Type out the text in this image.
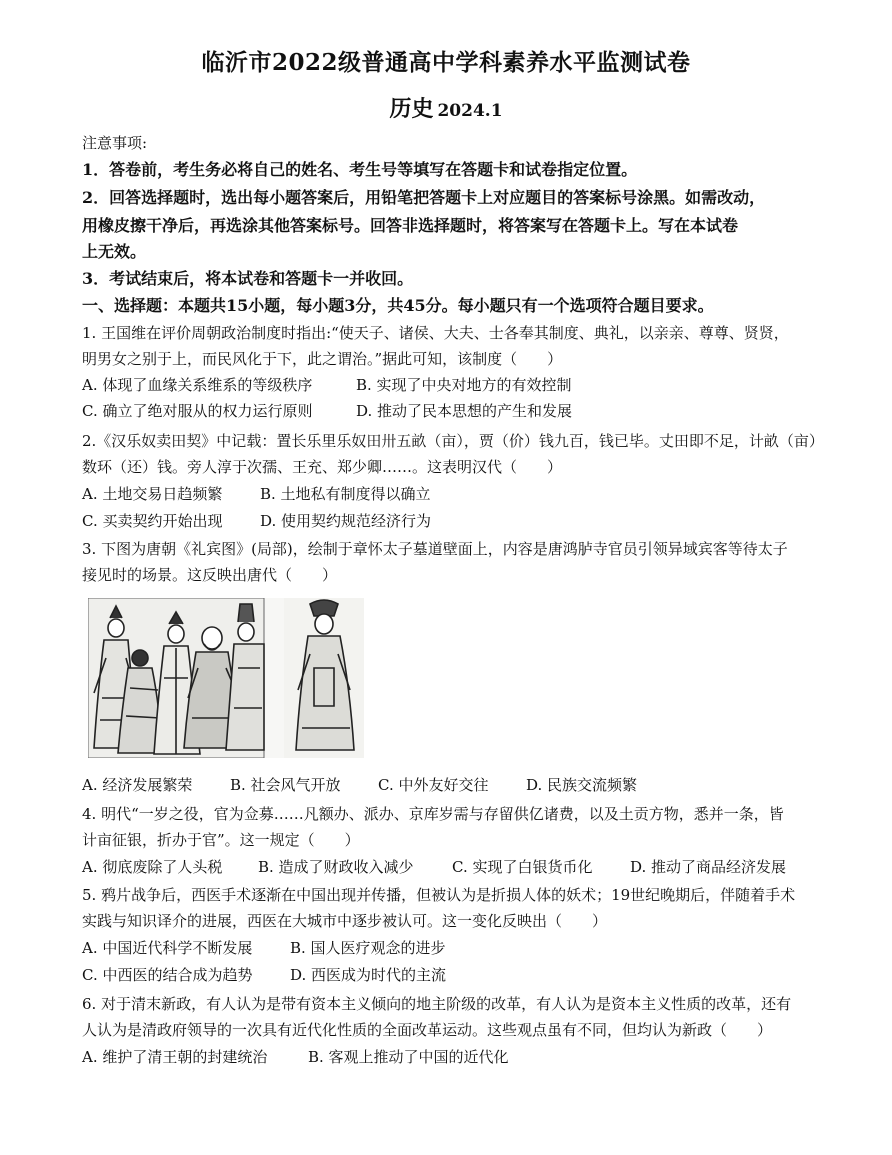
临沂市2022级普通高中学科素养水平监测试卷
历史 2024.1
注意事项:
1．答卷前，考生务必将自己的姓名、考生号等填写在答题卡和试卷指定位置。
2．回答选择题时，选出每小题答案后，用铅笔把答题卡上对应题目的答案标号涂黑。如需改动，
用橡皮擦干净后，再选涂其他答案标号。回答非选择题时，将答案写在答题卡上。写在本试卷
上无效。
3．考试结束后，将本试卷和答题卡一并收回。
一、选择题：本题共15小题，每小题3分，共45分。每小题只有一个选项符合题目要求。
1. 王国维在评价周朝政治制度时指出:“使天子、诸侯、大夫、士各奉其制度、典礼，以亲亲、尊尊、贤贤，
明男女之别于上，而民风化于下，此之谓治。”据此可知，该制度（　　）
A. 体现了血缘关系维系的等级秩序	B. 实现了中央对地方的有效控制
C. 确立了绝对服从的权力运行原则	D. 推动了民本思想的产生和发展
2.《汉乐奴卖田契》中记载：置长乐里乐奴田卅五畝（亩），贾（价）钱九百，钱已毕。丈田即不足，计畝（亩）
数环（还）钱。旁人淳于次孺、王充、郑少卿……。这表明汉代（　　）
A. 土地交易日趋频繁	B. 土地私有制度得以确立
C. 买卖契约开始出现	D. 使用契约规范经济行为
3. 下图为唐朝《礼宾图》(局部)，绘制于章怀太子墓道壁面上，内容是唐鸿胪寺官员引领异域宾客等待太子
接见时的场景。这反映出唐代（　　）
A. 经济发展繁荣	B. 社会风气开放 C. 中外友好交往	D. 民族交流频繁
4. 明代“一岁之役，官为佥募……凡额办、派办、京库岁需与存留供亿诸费，以及土贡方物，悉并一条，皆
计亩征银，折办于官”。这一规定（　　）
A. 彻底废除了人头税 B. 造成了财政收入减少	C. 实现了白银货币化	D. 推动了商品经济发展
5. 鸦片战争后，西医手术逐渐在中国出现并传播，但被认为是折损人体的妖术；19世纪晚期后，伴随着手术
实践与知识译介的进展，西医在大城市中逐步被认可。这一变化反映出（　　）
A. 中国近代科学不断发展	B. 国人医疗观念的进步
C. 中西医的结合成为趋势	D. 西医成为时代的主流
6. 对于清末新政，有人认为是带有资本主义倾向的地主阶级的改革，有人认为是资本主义性质的改革，还有
人认为是清政府领导的一次具有近代化性质的全面改革运动。这些观点虽有不同，但均认为新政（　　）
A. 维护了清王朝的封建统治	B. 客观上推动了中国的近代化
